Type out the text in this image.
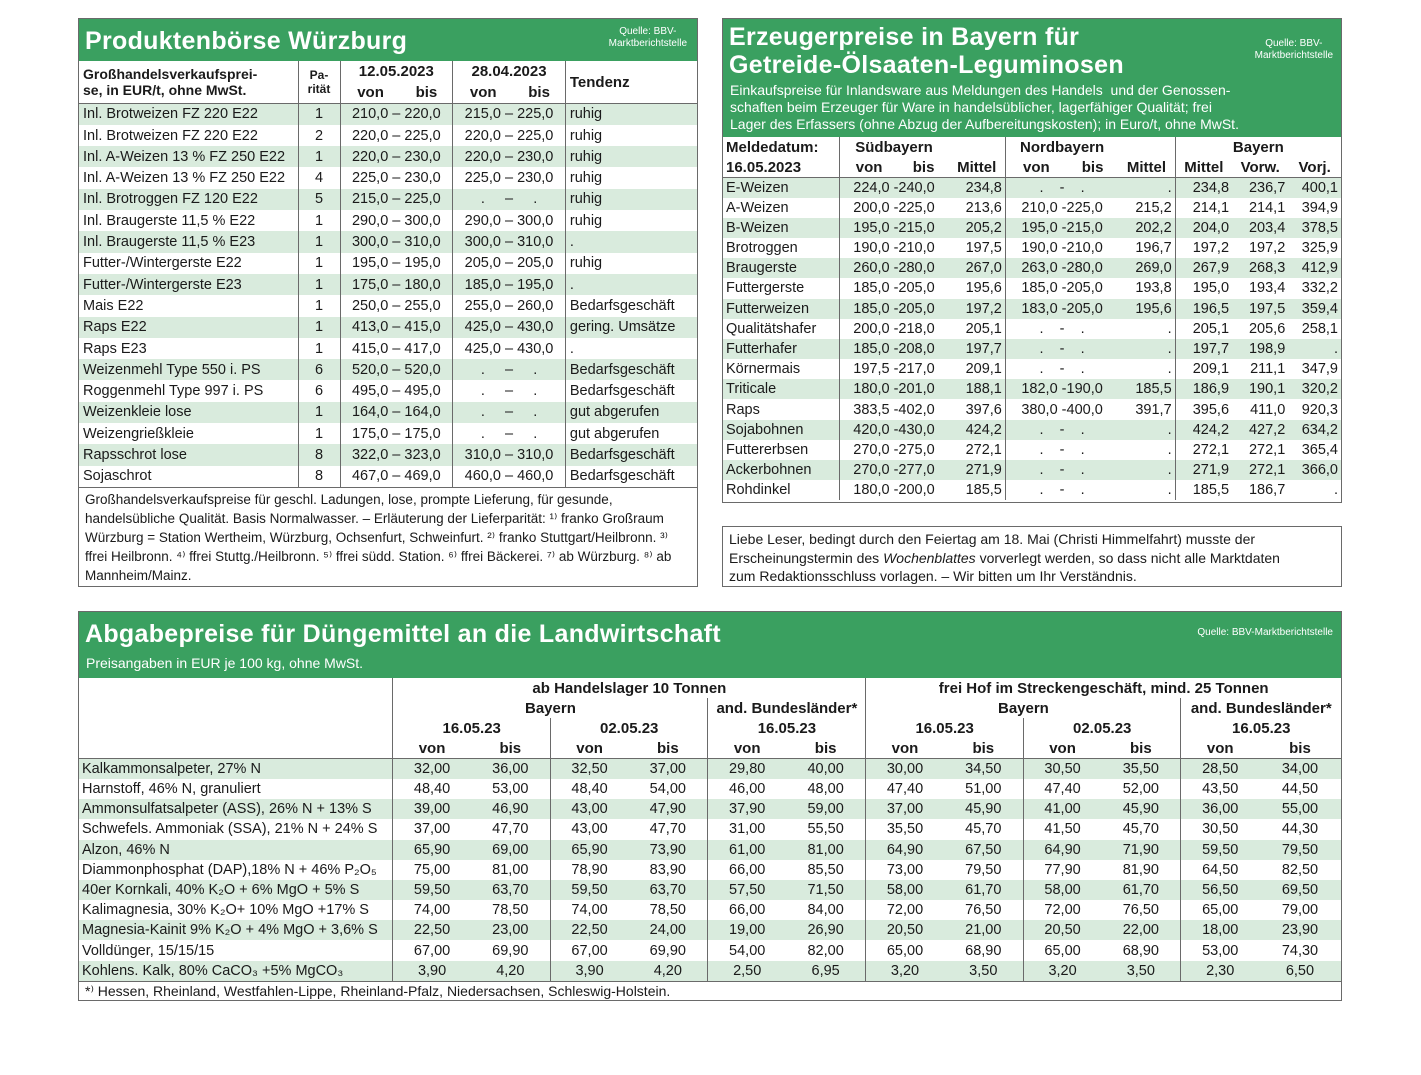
Produktenbörse Würzburg	Quelle: BBV-
Marktberichtstelle
Großhandelsverkaufsprei-
se, in EUR/t, ohne MwSt.	Pa-
rität	12.05.2023		28.04.2023		Tendenz
		von	bis	von	bis	
Inl. Brotweizen FZ 220 E22	1	210,0 – 220,0		215,0 – 225,0		ruhig
Inl. Brotweizen FZ 220 E22	2	220,0 – 225,0		220,0 – 225,0		ruhig
Inl. A-Weizen 13 % FZ 250 E22	1	220,0 – 230,0		220,0 – 230,0		ruhig
Inl. A-Weizen 13 % FZ 250 E22	4	225,0 – 230,0		225,0 – 230,0		ruhig
Inl. Brotroggen FZ 120 E22	5	215,0 – 225,0		.     –     .		ruhig
Inl. Braugerste 11,5 % E22	1	290,0 – 300,0		290,0 – 300,0		ruhig
Inl. Braugerste 11,5 % E23	1	300,0 – 310,0		300,0 – 310,0		.
Futter-/Wintergerste E22	1	195,0 – 195,0		205,0 – 205,0		ruhig
Futter-/Wintergerste E23	1	175,0 – 180,0		185,0 – 195,0		.
Mais E22	1	250,0 – 255,0		255,0 – 260,0		Bedarfsgeschäft
Raps E22	1	413,0 – 415,0		425,0 – 430,0		gering. Umsätze
Raps E23	1	415,0 – 417,0		425,0 – 430,0		.
Weizenmehl Type 550 i. PS	6	520,0 – 520,0		.     –     .		Bedarfsgeschäft
Roggenmehl Type 997 i. PS	6	495,0 – 495,0		.     –     .		Bedarfsgeschäft
Weizenkleie lose	1	164,0 – 164,0		.     –     .		gut abgerufen
Weizengrießkleie	1	175,0 – 175,0		.     –     .		gut abgerufen
Rapsschrot lose	8	322,0 – 323,0		310,0 – 310,0		Bedarfsgeschäft
Sojaschrot	8	467,0 – 469,0		460,0 – 460,0		Bedarfsgeschäft
Großhandelsverkaufspreise für geschl. Ladungen, lose, prompte Lieferung, für gesunde, handelsübliche Qualität. Basis Normalwasser. – Erläuterung der Lieferparität: ¹⁾ franko Großraum Würzburg = Station Wertheim, Würzburg, Ochsenfurt, Schweinfurt. ²⁾ franko Stuttgart/Heilbronn. ³⁾ ffrei Heilbronn. ⁴⁾ ffrei Stuttg./Heilbronn. ⁵⁾ ffrei südd. Station. ⁶⁾ ffrei Bäckerei. ⁷⁾ ab Würzburg. ⁸⁾ ab Mannheim/Mainz.
Erzeugerpreise in Bayern für
Getreide-Ölsaaten-Leguminosen
Quelle: BBV-
Marktberichtstelle
Einkaufspreise für Inlandsware aus Meldungen des Handels  und der Genossen-
schaften beim Erzeuger für Ware in handelsüblicher, lagerfähiger Qualität; frei
Lager des Erfassers (ohne Abzug der Aufbereitungskosten); in Euro/t, ohne MwSt.
Meldedatum:	Südbayern			Nordbayern			Bayern		
16.05.2023	von	bis	Mittel	von	bis	Mittel	Mittel	Vorw.	Vorj.
E-Weizen	224,0 -240,0		234,8	.    -    .		.	234,8	236,7	400,1
A-Weizen	200,0 -225,0		213,6	210,0 -225,0		215,2	214,1	214,1	394,9
B-Weizen	195,0 -215,0		205,2	195,0 -215,0		202,2	204,0	203,4	378,5
Brotroggen	190,0 -210,0		197,5	190,0 -210,0		196,7	197,2	197,2	325,9
Braugerste	260,0 -280,0		267,0	263,0 -280,0		269,0	267,9	268,3	412,9
Futtergerste	185,0 -205,0		195,6	185,0 -205,0		193,8	195,0	193,4	332,2
Futterweizen	185,0 -205,0		197,2	183,0 -205,0		195,6	196,5	197,5	359,4
Qualitätshafer	200,0 -218,0		205,1	.    -    .		.	205,1	205,6	258,1
Futterhafer	185,0 -208,0		197,7	.    -    .		.	197,7	198,9	.
Körnermais	197,5 -217,0		209,1	.    -    .		.	209,1	211,1	347,9
Triticale	180,0 -201,0		188,1	182,0 -190,0		185,5	186,9	190,1	320,2
Raps	383,5 -402,0		397,6	380,0 -400,0		391,7	395,6	411,0	920,3
Sojabohnen	420,0 -430,0		424,2	.    -    .		.	424,2	427,2	634,2
Futtererbsen	270,0 -275,0		272,1	.    -    .		.	272,1	272,1	365,4
Ackerbohnen	270,0 -277,0		271,9	.    -    .		.	271,9	272,1	366,0
Rohdinkel	180,0 -200,0		185,5	.    -    .		.	185,5	186,7	.
Liebe Leser, bedingt durch den Feiertag am 18. Mai (Christi Himmelfahrt) musste der
Erscheinungstermin des Wochenblattes vorverlegt werden, so dass nicht alle Marktdaten
zum Redaktionsschluss vorlagen. – Wir bitten um Ihr Verständnis.
Abgabepreise für Düngemittel an die Landwirtschaft	Quelle: BBV-Marktberichtstelle
Preisangaben in EUR je 100 kg, ohne MwSt.
	ab Handelslager 10 Tonnen						frei Hof im Streckengeschäft, mind. 25 Tonnen					
	Bayern				and. Bundesländer*		Bayern				and. Bundesländer*	
	16.05.23		02.05.23		16.05.23		16.05.23		02.05.23		16.05.23	
	von	bis	von	bis	von	bis	von	bis	von	bis	von	bis
Kalkammonsalpeter, 27% N	32,00	36,00	32,50	37,00	29,80	40,00	30,00	34,50	30,50	35,50	28,50	34,00
Harnstoff, 46% N, granuliert	48,40	53,00	48,40	54,00	46,00	48,00	47,40	51,00	47,40	52,00	43,50	44,50
Ammonsulfatsalpeter (ASS), 26% N + 13% S	39,00	46,90	43,00	47,90	37,90	59,00	37,00	45,90	41,00	45,90	36,00	55,00
Schwefels. Ammoniak (SSA), 21% N + 24% S	37,00	47,70	43,00	47,70	31,00	55,50	35,50	45,70	41,50	45,70	30,50	44,30
Alzon, 46% N	65,90	69,00	65,90	73,90	61,00	81,00	64,90	67,50	64,90	71,90	59,50	79,50
Diammonphosphat (DAP),18% N + 46% P₂O₅	75,00	81,00	78,90	83,90	66,00	85,50	73,00	79,50	77,90	81,90	64,50	82,50
40er Kornkali, 40% K₂O + 6% MgO + 5% S	59,50	63,70	59,50	63,70	57,50	71,50	58,00	61,70	58,00	61,70	56,50	69,50
Kalimagnesia, 30% K₂O+ 10% MgO +17% S	74,00	78,50	74,00	78,50	66,00	84,00	72,00	76,50	72,00	76,50	65,00	79,00
Magnesia-Kainit 9% K₂O + 4% MgO + 3,6% S	22,50	23,00	22,50	24,00	19,00	26,90	20,50	21,00	20,50	22,00	18,00	23,90
Volldünger, 15/15/15	67,00	69,90	67,00	69,90	54,00	82,00	65,00	68,90	65,00	68,90	53,00	74,30
Kohlens. Kalk, 80% CaCO₃ +5% MgCO₃	3,90	4,20	3,90	4,20	2,50	6,95	3,20	3,50	3,20	3,50	2,30	6,50
*⁾ Hessen, Rheinland, Westfahlen-Lippe, Rheinland-Pfalz, Niedersachsen, Schleswig-Holstein.
